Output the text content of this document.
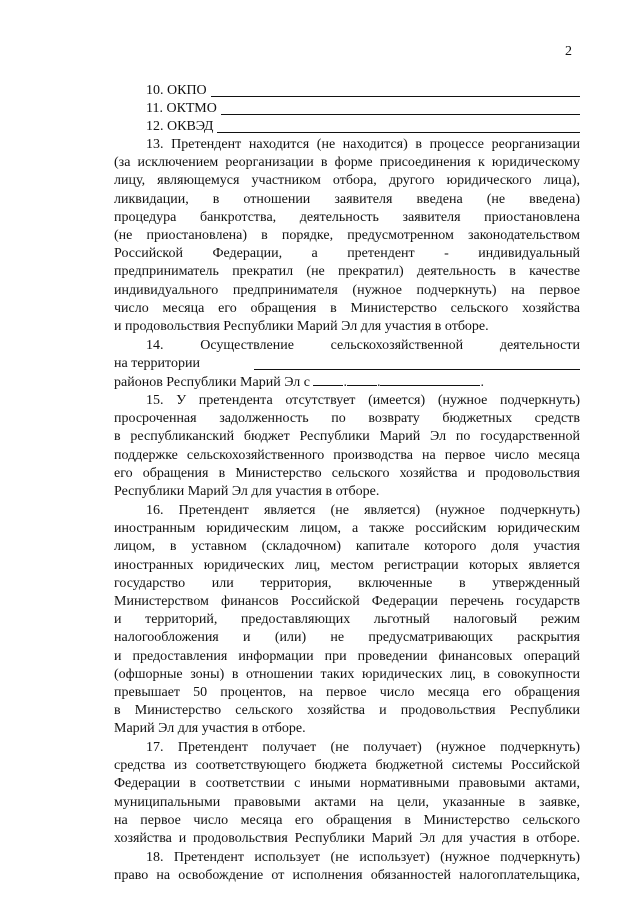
2
10. ОКПО
11. ОКТМО
12. ОКВЭД
13. Претендент находится (не находится) в процессе реорганизации
(за исключением реорганизации в форме присоединения к юридическому
лицу, являющемуся участником отбора, другого юридического лица),
ликвидации, в отношении заявителя введена (не введена)
процедура банкротства, деятельность заявителя приостановлена
(не приостановлена) в порядке, предусмотренном законодательством
Российской Федерации, а претендент - индивидуальный
предприниматель прекратил (не прекратил) деятельность в качестве
индивидуального предпринимателя (нужное подчеркнуть) на первое
число месяца его обращения в Министерство сельского хозяйства
и продовольствия Республики Марий Эл для участия в отборе.
14. Осуществление сельскохозяйственной деятельности
на территории
районов Республики Марий Эл с . .	.
15. У претендента отсутствует (имеется) (нужное подчеркнуть)
просроченная задолженность по возврату бюджетных средств
в республиканский бюджет Республики Марий Эл по государственной
поддержке сельскохозяйственного производства на первое число месяца
его обращения в Министерство сельского хозяйства и продовольствия
Республики Марий Эл для участия в отборе.
16. Претендент является (не является) (нужное подчеркнуть)
иностранным юридическим лицом, а также российским юридическим
лицом, в уставном (складочном) капитале которого доля участия
иностранных юридических лиц, местом регистрации которых является
государство или территория, включенные в утвержденный
Министерством финансов Российской Федерации перечень государств
и территорий, предоставляющих льготный налоговый режим
налогообложения и (или) не предусматривающих раскрытия
и предоставления информации при проведении финансовых операций
(офшорные зоны) в отношении таких юридических лиц, в совокупности
превышает 50 процентов, на первое число месяца его обращения
в Министерство сельского хозяйства и продовольствия Республики
Марий Эл для участия в отборе.
17. Претендент получает (не получает) (нужное подчеркнуть)
средства из соответствующего бюджета бюджетной системы Российской
Федерации в соответствии с иными нормативными правовыми актами,
муниципальными правовыми актами на цели, указанные в заявке,
на первое число месяца его обращения в Министерство сельского
хозяйства и продовольствия Республики Марий Эл для участия в отборе.
18. Претендент использует (не использует) (нужное подчеркнуть)
право на освобождение от исполнения обязанностей налогоплательщика,
